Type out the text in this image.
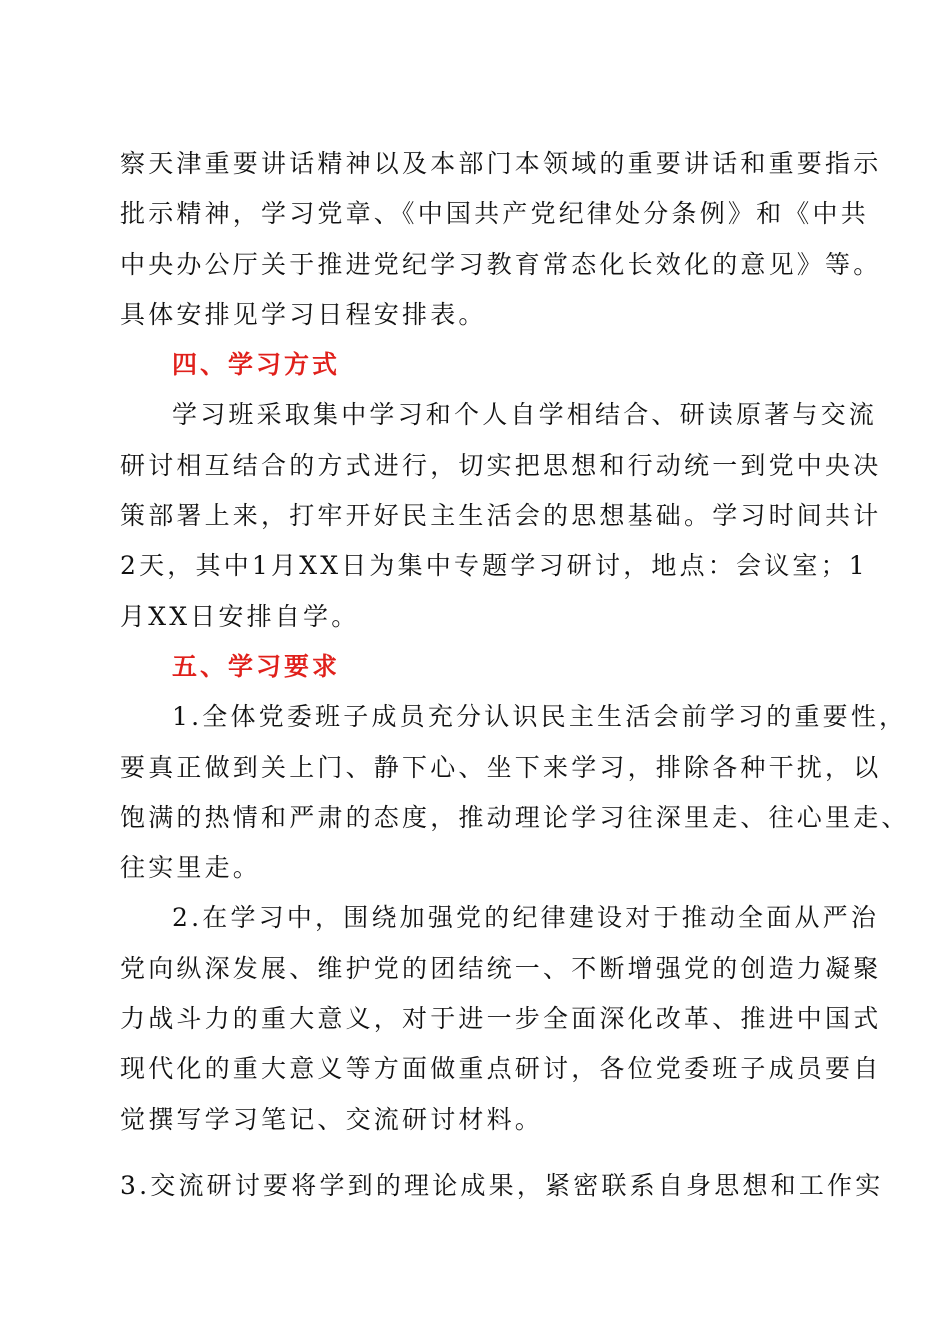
察天津重要讲话精神以及本部门本领域的重要讲话和重要指示
批示精神，学习党章、《中国共产党纪律处分条例》和《中共
中央办公厅关于推进党纪学习教育常态化长效化的意见》等。
具体安排见学习日程安排表。

四、学习方式

学习班采取集中学习和个人自学相结合、研读原著与交流
研讨相互结合的方式进行，切实把思想和行动统一到党中央决
策部署上来，打牢开好民主生活会的思想基础。学习时间共计
2天，其中1月XX日为集中专题学习研讨，地点：会议室；1
月XX日安排自学。

五、学习要求

1.全体党委班子成员充分认识民主生活会前学习的重要性，
要真正做到关上门、静下心、坐下来学习，排除各种干扰，以
饱满的热情和严肃的态度，推动理论学习往深里走、往心里走、
往实里走。

2.在学习中，围绕加强党的纪律建设对于推动全面从严治
党向纵深发展、维护党的团结统一、不断增强党的创造力凝聚
力战斗力的重大意义，对于进一步全面深化改革、推进中国式
现代化的重大意义等方面做重点研讨，各位党委班子成员要自
觉撰写学习笔记、交流研讨材料。

3.交流研讨要将学到的理论成果，紧密联系自身思想和工作实
